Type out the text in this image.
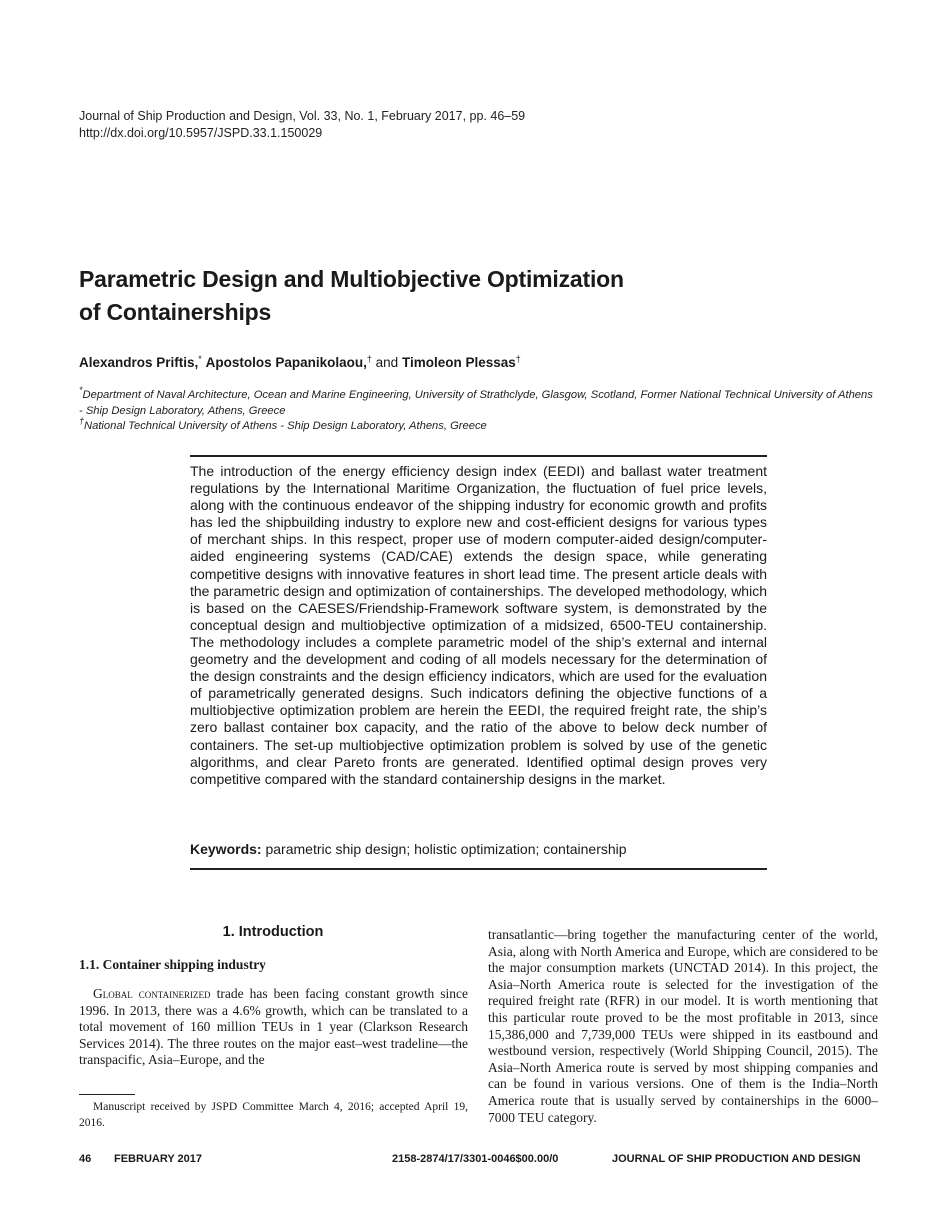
Journal of Ship Production and Design, Vol. 33, No. 1, February 2017, pp. 46–59
http://dx.doi.org/10.5957/JSPD.33.1.150029
Parametric Design and Multiobjective Optimization
of Containerships
Alexandros Priftis,* Apostolos Papanikolaou,† and Timoleon Plessas†
*Department of Naval Architecture, Ocean and Marine Engineering, University of Strathclyde, Glasgow, Scotland, Former National Technical University of Athens - Ship Design Laboratory, Athens, Greece
†National Technical University of Athens - Ship Design Laboratory, Athens, Greece
The introduction of the energy efficiency design index (EEDI) and ballast water treatment regulations by the International Maritime Organization, the fluctuation of fuel price levels, along with the continuous endeavor of the shipping industry for economic growth and profits has led the shipbuilding industry to explore new and cost-efficient designs for various types of merchant ships. In this respect, proper use of modern computer-aided design/computer-aided engineering systems (CAD/CAE) extends the design space, while generating competitive designs with innovative features in short lead time. The present article deals with the parametric design and optimization of containerships. The developed methodology, which is based on the CAESES/Friendship-Framework software system, is demonstrated by the conceptual design and multiobjective optimization of a midsized, 6500-TEU containership. The methodology includes a complete parametric model of the ship’s external and internal geometry and the development and coding of all models necessary for the determination of the design constraints and the design efficiency indicators, which are used for the evaluation of parametrically generated designs. Such indicators defining the objective functions of a multiobjective optimization problem are herein the EEDI, the required freight rate, the ship’s zero ballast container box capacity, and the ratio of the above to below deck number of containers. The set-up multiobjective optimization problem is solved by use of the genetic algorithms, and clear Pareto fronts are generated. Identified optimal design proves very competitive compared with the standard containership designs in the market.
Keywords: parametric ship design; holistic optimization; containership
1. Introduction
1.1. Container shipping industry
Global containerized trade has been facing constant growth since 1996. In 2013, there was a 4.6% growth, which can be translated to a total movement of 160 million TEUs in 1 year (Clarkson Research Services 2014). The three routes on the major east–west tradeline—the transpacific, Asia–Europe, and the
transatlantic—bring together the manufacturing center of the world, Asia, along with North America and Europe, which are considered to be the major consumption markets (UNCTAD 2014). In this project, the Asia–North America route is selected for the investigation of the required freight rate (RFR) in our model. It is worth mentioning that this particular route proved to be the most profitable in 2013, since 15,386,000 and 7,739,000 TEUs were shipped in its eastbound and westbound version, respectively (World Shipping Council, 2015). The Asia–North America route is served by most shipping companies and can be found in various versions. One of them is the India–North America route that is usually served by containerships in the 6000–7000 TEU category.
Manuscript received by JSPD Committee March 4, 2016; accepted April 19, 2016.
46 FEBRUARY 2017	2158-2874/17/3301-0046$00.00/0	JOURNAL OF SHIP PRODUCTION AND DESIGN
